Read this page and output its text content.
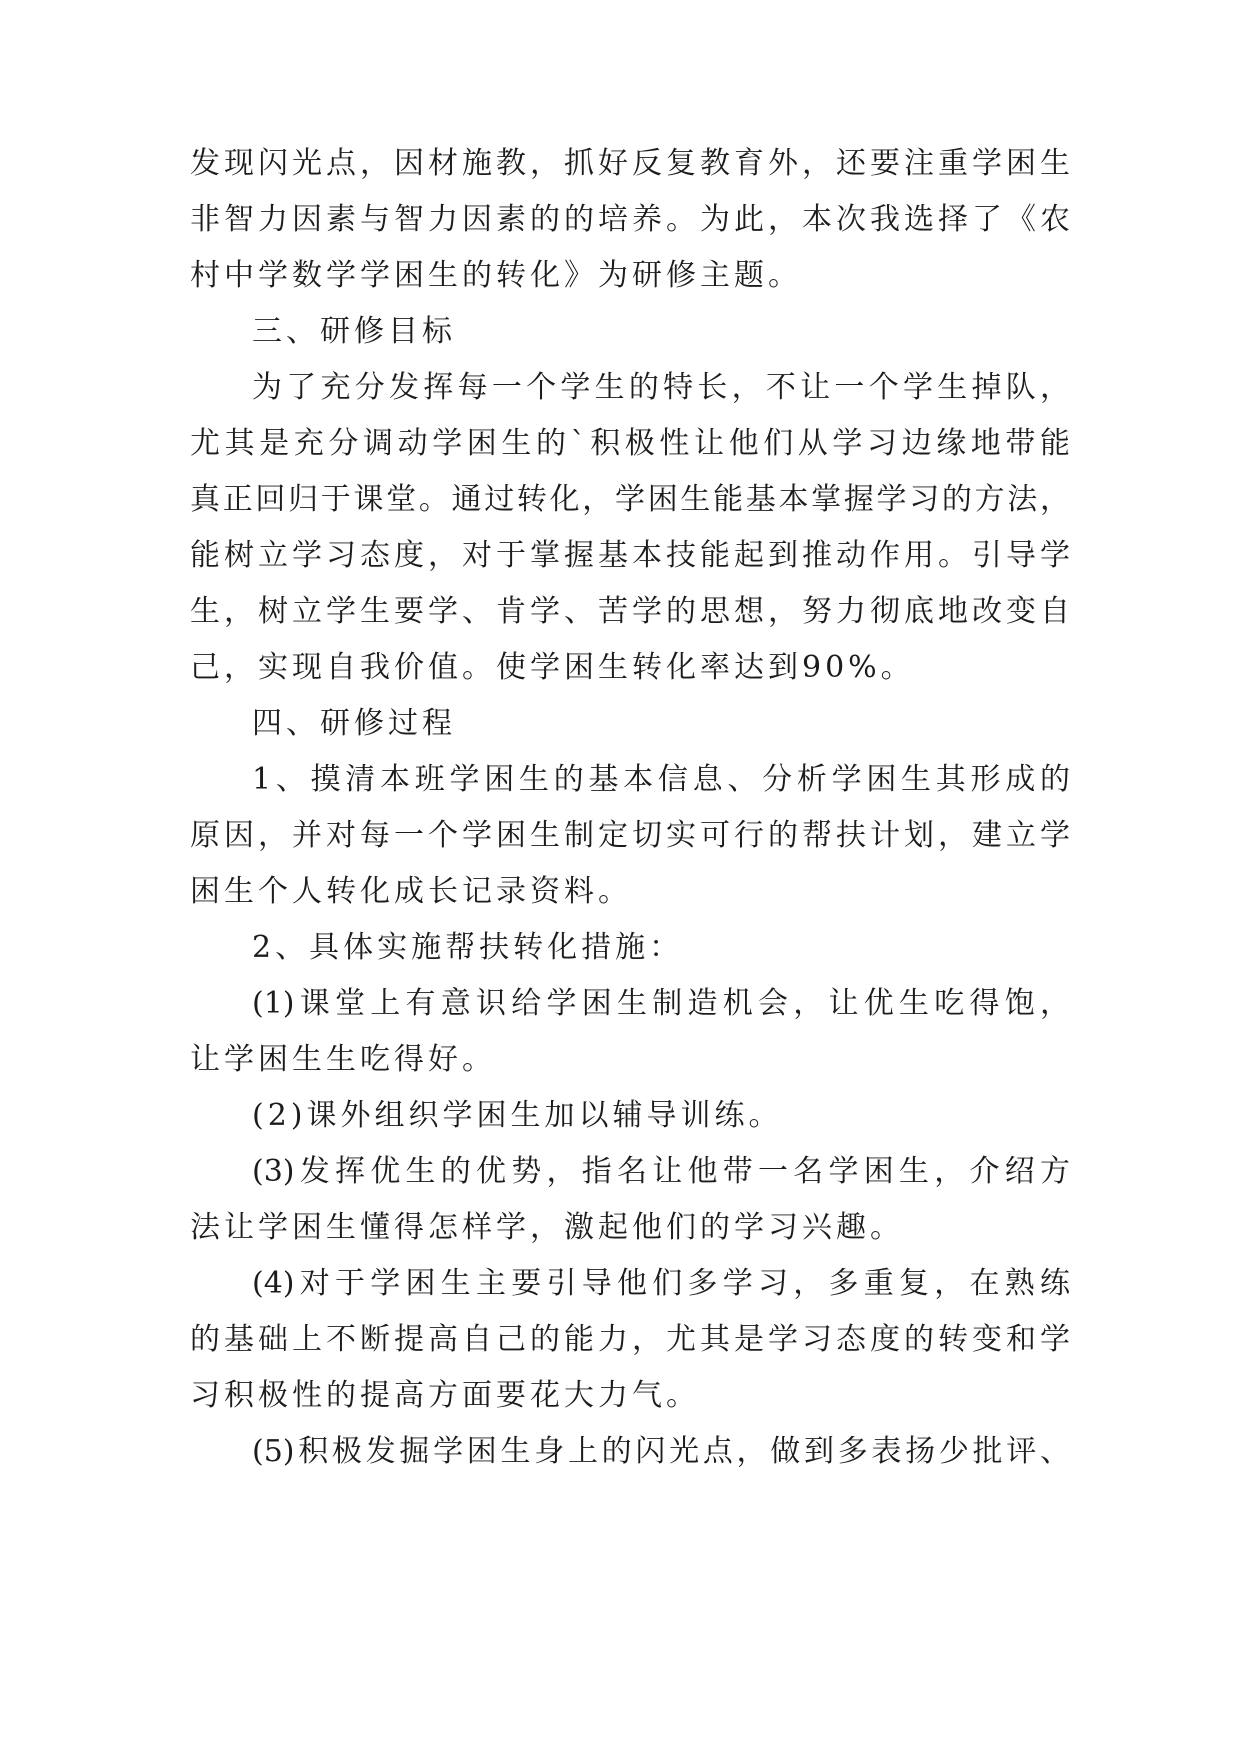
发现闪光点，因材施教，抓好反复教育外，还要注重学困生
非智力因素与智力因素的的培养。为此，本次我选择了《农
村中学数学学困生的转化》为研修主题。
三、研修目标
为了充分发挥每一个学生的特长，不让一个学生掉队，
尤其是充分调动学困生的`积极性让他们从学习边缘地带能
真正回归于课堂。通过转化，学困生能基本掌握学习的方法，
能树立学习态度，对于掌握基本技能起到推动作用。引导学
生，树立学生要学、肯学、苦学的思想，努力彻底地改变自
己，实现自我价值。使学困生转化率达到90%。
四、研修过程
1、摸清本班学困生的基本信息、分析学困生其形成的
原因，并对每一个学困生制定切实可行的帮扶计划，建立学
困生个人转化成长记录资料。
2、具体实施帮扶转化措施：
(1)课堂上有意识给学困生制造机会，让优生吃得饱，
让学困生生吃得好。
(2)课外组织学困生加以辅导训练。
(3)发挥优生的优势，指名让他带一名学困生，介绍方
法让学困生懂得怎样学，激起他们的学习兴趣。
(4)对于学困生主要引导他们多学习，多重复，在熟练
的基础上不断提高自己的能力，尤其是学习态度的转变和学
习积极性的提高方面要花大力气。
(5)积极发掘学困生身上的闪光点，做到多表扬少批评、
